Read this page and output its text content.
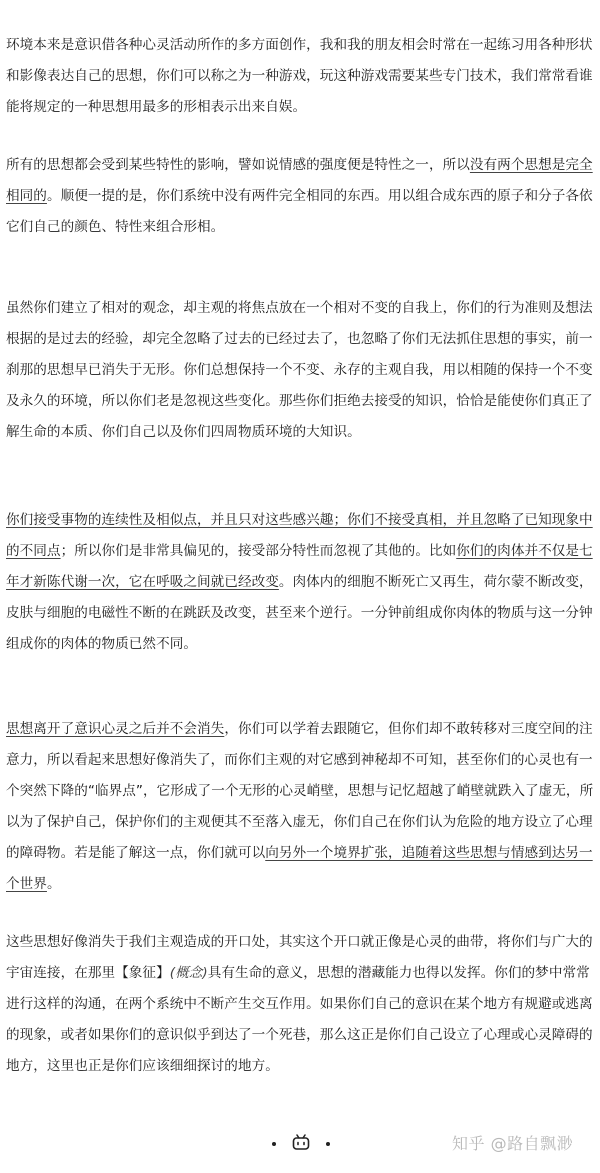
环境本来是意识借各种心灵活动所作的多方面创作，我和我的朋友相会时常在一起练习用各种形状和影像表达自己的思想，你们可以称之为一种游戏，玩这种游戏需要某些专门技术，我们常常看谁能将规定的一种思想用最多的形相表示出来自娱。

所有的思想都会受到某些特性的影响，譬如说情感的强度便是特性之一，所以没有两个思想是完全相同的。顺便一提的是，你们系统中没有两件完全相同的东西。用以组合成东西的原子和分子各依它们自己的颜色、特性来组合形相。

虽然你们建立了相对的观念，却主观的将焦点放在一个相对不变的自我上，你们的行为准则及想法根据的是过去的经验，却完全忽略了过去的已经过去了，也忽略了你们无法抓住思想的事实，前一刹那的思想早已消失于无形。你们总想保持一个不变、永存的主观自我，用以相随的保持一个不变及永久的环境，所以你们老是忽视这些变化。那些你们拒绝去接受的知识，恰恰是能使你们真正了解生命的本质、你们自己以及你们四周物质环境的大知识。

你们接受事物的连续性及相似点，并且只对这些感兴趣；你们不接受真相，并且忽略了已知现象中的不同点；所以你们是非常具偏见的，接受部分特性而忽视了其他的。比如你们的肉体并不仅是七年才新陈代谢一次，它在呼吸之间就已经改变。肉体内的细胞不断死亡又再生，荷尔蒙不断改变，皮肤与细胞的电磁性不断的在跳跃及改变，甚至来个逆行。一分钟前组成你肉体的物质与这一分钟组成你的肉体的物质已然不同。

思想离开了意识心灵之后并不会消失，你们可以学着去跟随它，但你们却不敢转移对三度空间的注意力，所以看起来思想好像消失了，而你们主观的对它感到神秘却不可知，甚至你们的心灵也有一个突然下降的“临界点”，它形成了一个无形的心灵峭壁，思想与记忆超越了峭壁就跌入了虚无，所以为了保护自己，保护你们的主观便其不至落入虚无，你们自己在你们认为危险的地方设立了心理的障碍物。若是能了解这一点，你们就可以向另外一个境界扩张，追随着这些思想与情感到达另一个世界。

这些思想好像消失于我们主观造成的开口处，其实这个开口就正像是心灵的曲带，将你们与广大的宇宙连接，在那里【象征】(概念)具有生命的意义，思想的潜藏能力也得以发挥。你们的梦中常常进行这样的沟通，在两个系统中不断产生交互作用。如果你们自己的意识在某个地方有规避或逃离的现象，或者如果你们的意识似乎到达了一个死巷，那么这正是你们自己设立了心理或心灵障碍的地方，这里也正是你们应该细细探讨的地方。

知乎 @路自飘渺
